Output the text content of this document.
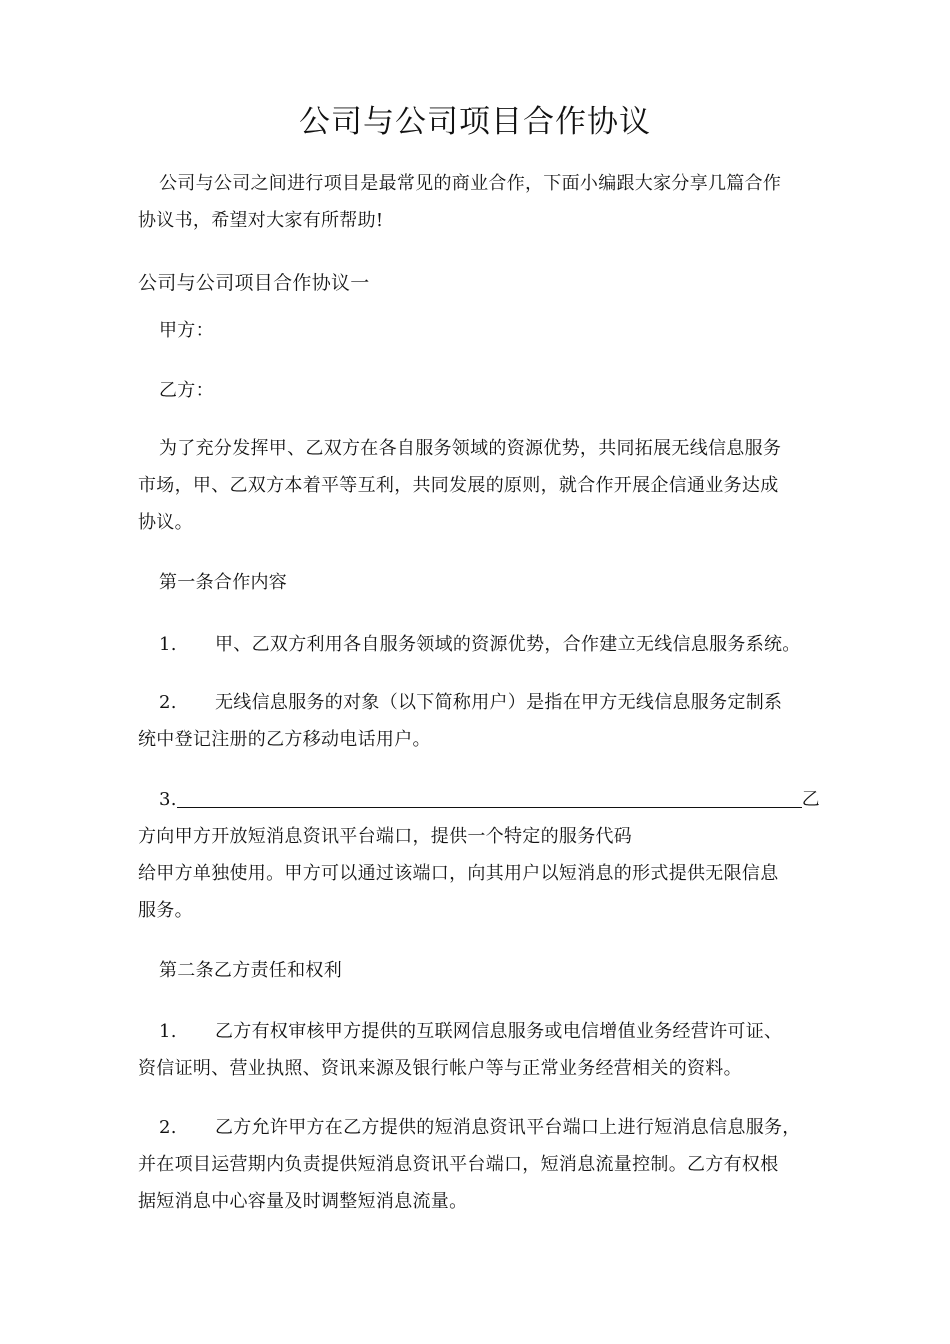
公司与公司项目合作协议
公司与公司之间进行项目是最常见的商业合作，下面小编跟大家分享几篇合作
协议书，希望对大家有所帮助!
公司与公司项目合作协议一
甲方：
乙方：
为了充分发挥甲、乙双方在各自服务领域的资源优势，共同拓展无线信息服务
市场，甲、乙双方本着平等互利，共同发展的原则，就合作开展企信通业务达成
协议。
第一条合作内容
1. 甲、乙双方利用各自服务领域的资源优势，合作建立无线信息服务系统。
2. 无线信息服务的对象（以下简称用户）是指在甲方无线信息服务定制系
统中登记注册的乙方移动电话用户。
3.	乙
方向甲方开放短消息资讯平台端口，提供一个特定的服务代码
给甲方单独使用。甲方可以通过该端口，向其用户以短消息的形式提供无限信息
服务。
第二条乙方责任和权利
1. 乙方有权审核甲方提供的互联网信息服务或电信增值业务经营许可证、
资信证明、营业执照、资讯来源及银行帐户等与正常业务经营相关的资料。
2. 乙方允许甲方在乙方提供的短消息资讯平台端口上进行短消息信息服务，
并在项目运营期内负责提供短消息资讯平台端口，短消息流量控制。乙方有权根
据短消息中心容量及时调整短消息流量。
